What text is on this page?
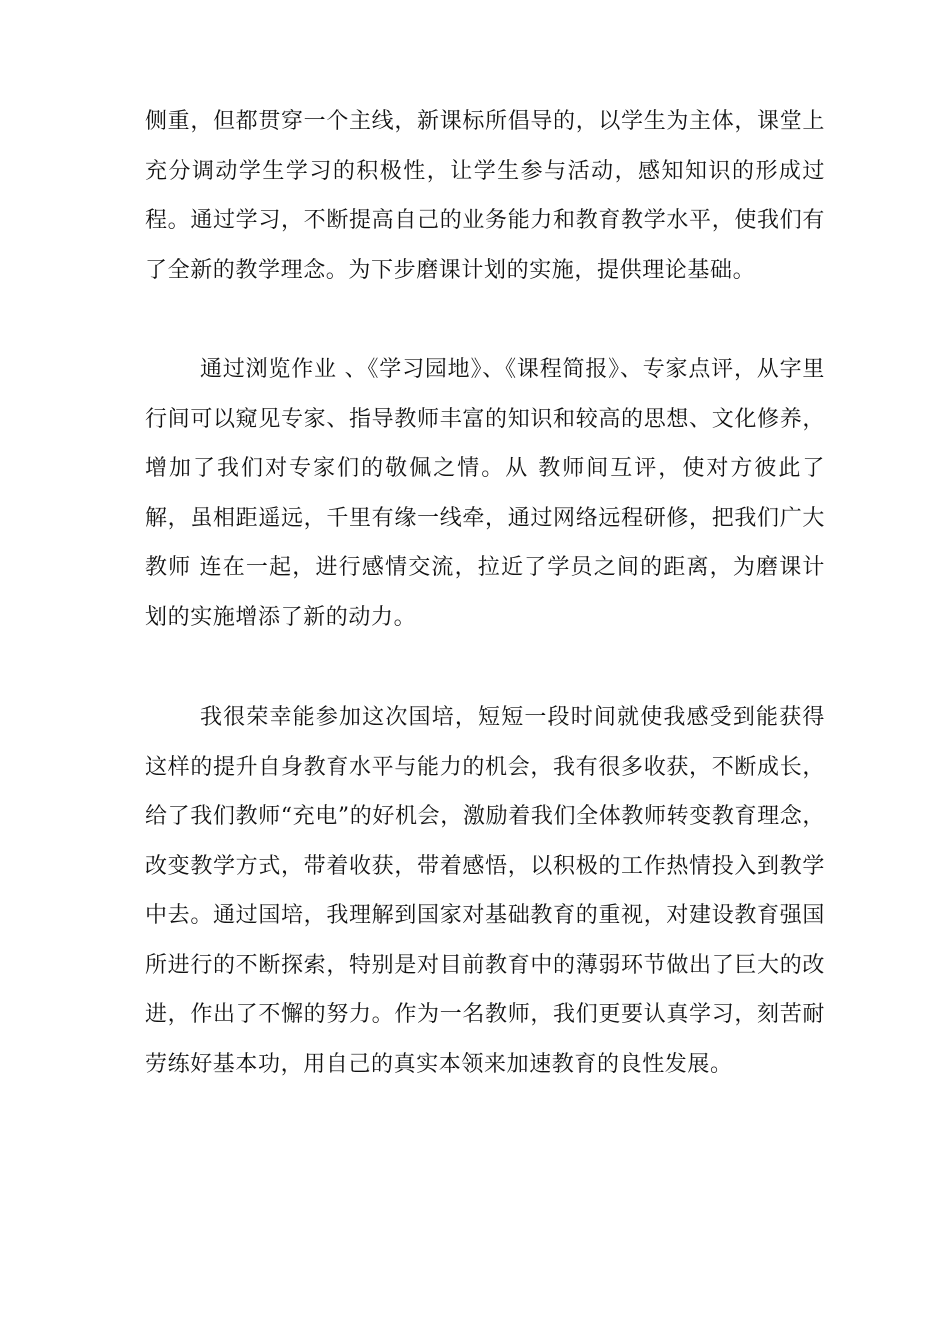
侧重，但都贯穿一个主线，新课标所倡导的，以学生为主体，课堂上充分调动学生学习的积极性，让学生参与活动，感知知识的形成过程。通过学习，不断提高自己的业务能力和教育教学水平，使我们有了全新的教学理念。为下步磨课计划的实施，提供理论基础。

通过浏览作业 、《学习园地》、《课程简报》、专家点评，从字里行间可以窥见专家、指导教师丰富的知识和较高的思想、文化修养，增加了我们对专家们的敬佩之情。从 教师间互评，使对方彼此了解，虽相距遥远，千里有缘一线牵，通过网络远程研修，把我们广大教师 连在一起，进行感情交流，拉近了学员之间的距离，为磨课计划的实施增添了新的动力。

我很荣幸能参加这次国培，短短一段时间就使我感受到能获得这样的提升自身教育水平与能力的机会，我有很多收获，不断成长，给了我们教师“充电”的好机会，激励着我们全体教师转变教育理念，改变教学方式，带着收获，带着感悟，以积极的工作热情投入到教学中去。通过国培，我理解到国家对基础教育的重视，对建设教育强国所进行的不断探索，特别是对目前教育中的薄弱环节做出了巨大的改进，作出了不懈的努力。作为一名教师，我们更要认真学习，刻苦耐劳练好基本功，用自己的真实本领来加速教育的良性发展。
